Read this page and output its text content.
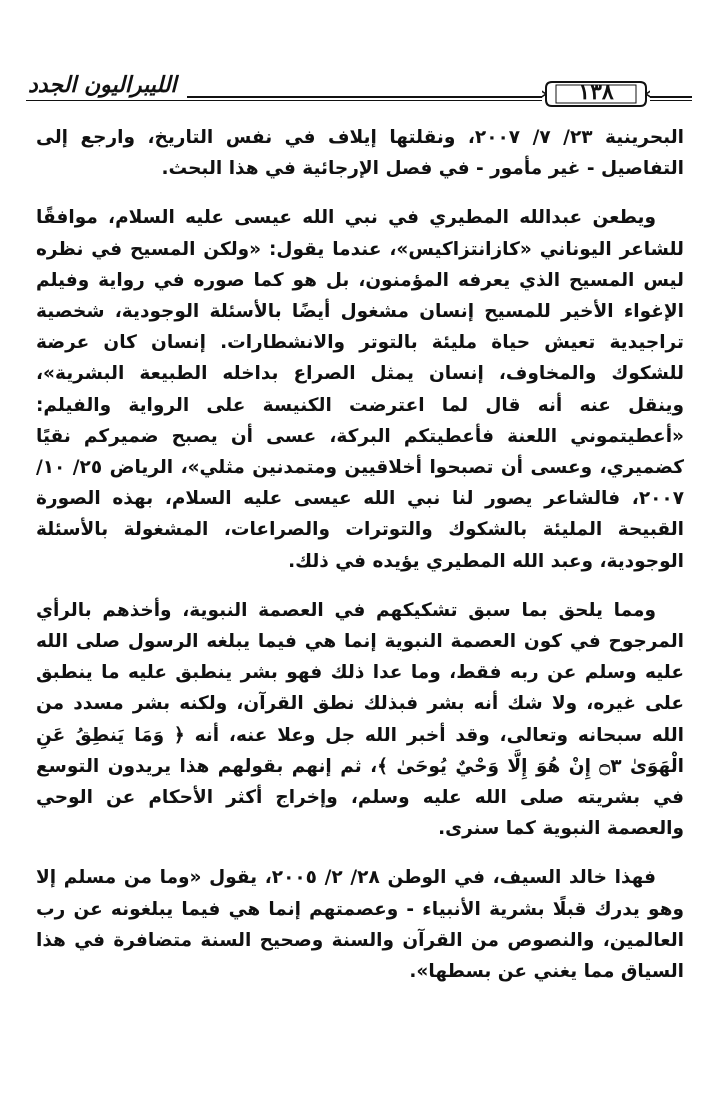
الليبراليون الجدد	١٣٨

البحرينية ٢٣/ ٧/ ٢٠٠٧، ونقلتها إيلاف في نفس التاريخ، وارجع إلى التفاصيل - غير مأمور - في فصل الإرجائية في هذا البحث.

ويطعن عبدالله المطيري في نبي الله عيسى عليه السلام، موافقًا للشاعر اليوناني «كازانتزاكيس»، عندما يقول: «ولكن المسيح في نظره ليس المسيح الذي يعرفه المؤمنون، بل هو كما صوره في رواية وفيلم الإغواء الأخير للمسيح إنسان مشغول أيضًا بالأسئلة الوجودية، شخصية تراجيدية تعيش حياة مليئة بالتوتر والانشطارات. إنسان كان عرضة للشكوك والمخاوف، إنسان يمثل الصراع بداخله الطبيعة البشرية»، وينقل عنه أنه قال لما اعترضت الكنيسة على الرواية والفيلم: «أعطيتموني اللعنة فأعطيتكم البركة، عسى أن يصبح ضميركم نقيًا كضميري، وعسى أن تصبحوا أخلاقيين ومتمدنين مثلي»، الرياض ٢٥/ ١٠/ ٢٠٠٧، فالشاعر يصور لنا نبي الله عيسى عليه السلام، بهذه الصورة القبيحة المليئة بالشكوك والتوترات والصراعات، المشغولة بالأسئلة الوجودية، وعبد الله المطيري يؤيده في ذلك.

ومما يلحق بما سبق تشكيكهم في العصمة النبوية، وأخذهم بالرأي المرجوح في كون العصمة النبوية إنما هي فيما يبلغه الرسول صلى الله عليه وسلم عن ربه فقط، وما عدا ذلك فهو بشر ينطبق عليه ما ينطبق على غيره، ولا شك أنه بشر فبذلك نطق القرآن، ولكنه بشر مسدد من الله سبحانه وتعالى، وقد أخبر الله جل وعلا عنه، أنه ﴿ وَمَا يَنطِقُ عَنِ الْهَوَىٰ ۝٣ إِنْ هُوَ إِلَّا وَحْيٌ يُوحَىٰ ﴾، ثم إنهم بقولهم هذا يريدون التوسع في بشريته صلى الله عليه وسلم، وإخراج أكثر الأحكام عن الوحي والعصمة النبوية كما سنرى.

فهذا خالد السيف، في الوطن ٢٨/ ٢/ ٢٠٠٥، يقول «وما من مسلم إلا وهو يدرك قبلًا بشرية الأنبياء - وعصمتهم إنما هي فيما يبلغونه عن رب العالمين، والنصوص من القرآن والسنة وصحيح السنة متضافرة في هذا السياق مما يغني عن بسطها».
